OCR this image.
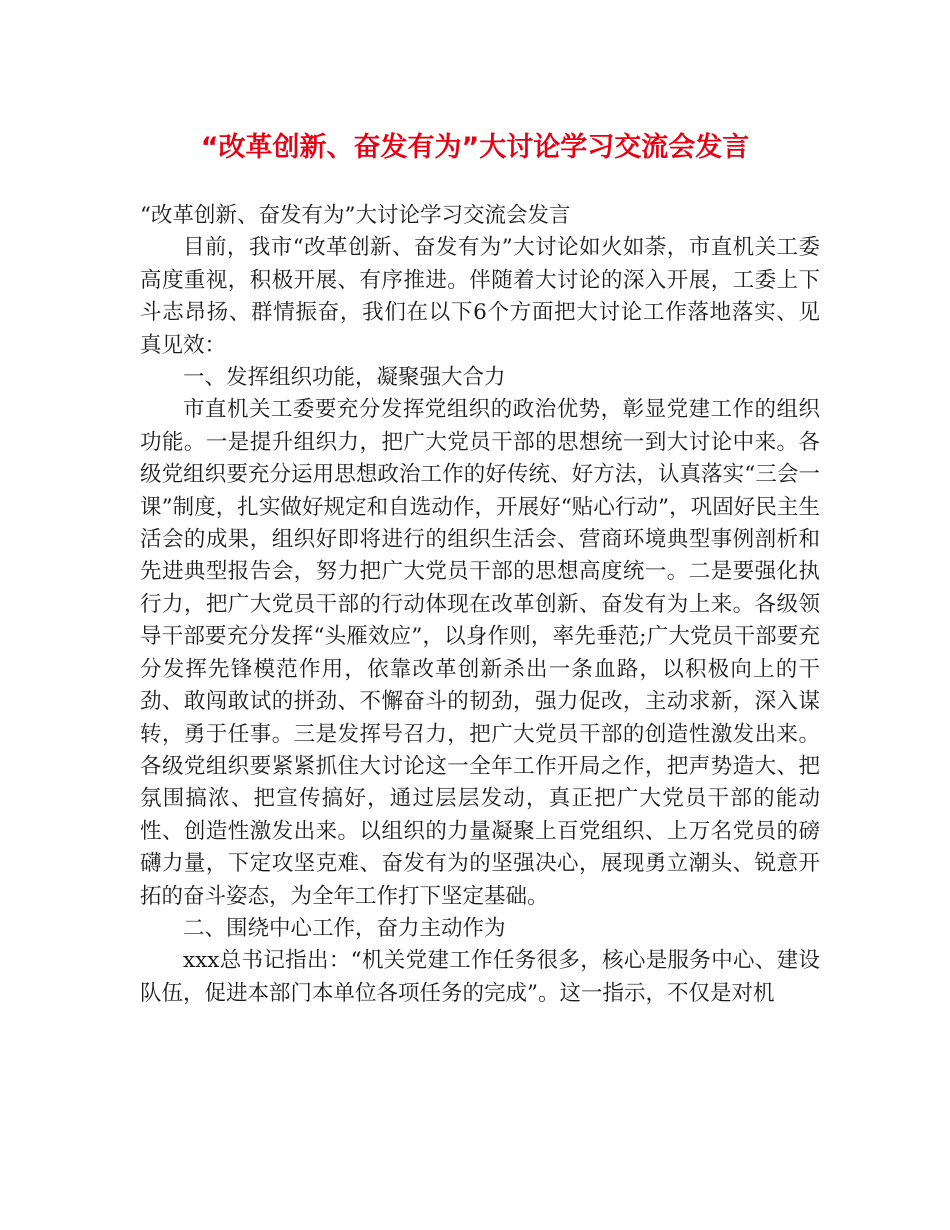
“改革创新、奋发有为”大讨论学习交流会发言

“改革创新、奋发有为”大讨论学习交流会发言

目前，我市“改革创新、奋发有为”大讨论如火如荼，市直机关工委高度重视，积极开展、有序推进。伴随着大讨论的深入开展，工委上下斗志昂扬、群情振奋，我们在以下6个方面把大讨论工作落地落实、见真见效：

一、发挥组织功能，凝聚强大合力

市直机关工委要充分发挥党组织的政治优势，彰显党建工作的组织功能。一是提升组织力，把广大党员干部的思想统一到大讨论中来。各级党组织要充分运用思想政治工作的好传统、好方法，认真落实“三会一课”制度，扎实做好规定和自选动作，开展好“贴心行动”，巩固好民主生活会的成果，组织好即将进行的组织生活会、营商环境典型事例剖析和先进典型报告会，努力把广大党员干部的思想高度统一。二是要强化执行力，把广大党员干部的行动体现在改革创新、奋发有为上来。各级领导干部要充分发挥“头雁效应”，以身作则，率先垂范;广大党员干部要充分发挥先锋模范作用，依靠改革创新杀出一条血路，以积极向上的干劲、敢闯敢试的拼劲、不懈奋斗的韧劲，强力促改，主动求新，深入谋转，勇于任事。三是发挥号召力，把广大党员干部的创造性激发出来。各级党组织要紧紧抓住大讨论这一全年工作开局之作，把声势造大、把氛围搞浓、把宣传搞好，通过层层发动，真正把广大党员干部的能动性、创造性激发出来。以组织的力量凝聚上百党组织、上万名党员的磅礴力量，下定攻坚克难、奋发有为的坚强决心，展现勇立潮头、锐意开拓的奋斗姿态，为全年工作打下坚定基础。

二、围绕中心工作，奋力主动作为

xxx总书记指出：“机关党建工作任务很多，核心是服务中心、建设队伍，促进本部门本单位各项任务的完成”。这一指示，不仅是对机
